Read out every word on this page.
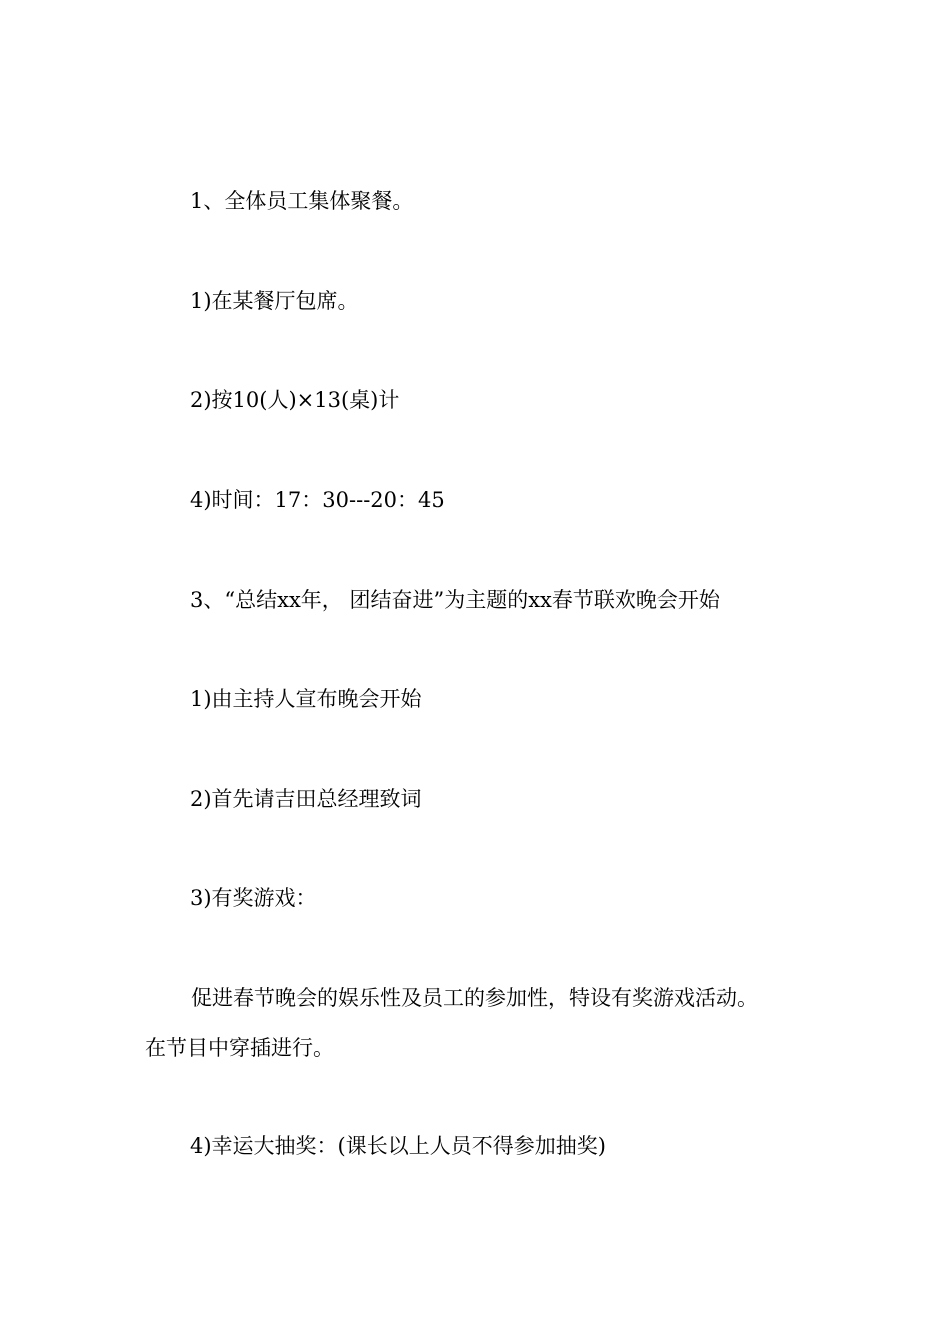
1、全体员工集体聚餐。
1)在某餐厅包席。
2)按10(人)×13(桌)计
4)时间：17：30---20：45
3、“总结xx年， 团结奋进”为主题的xx春节联欢晚会开始
1)由主持人宣布晚会开始
2)首先请吉田总经理致词
3)有奖游戏：
促进春节晚会的娱乐性及员工的参加性，特设有奖游戏活动。
在节目中穿插进行。
4)幸运大抽奖：(课长以上人员不得参加抽奖)
